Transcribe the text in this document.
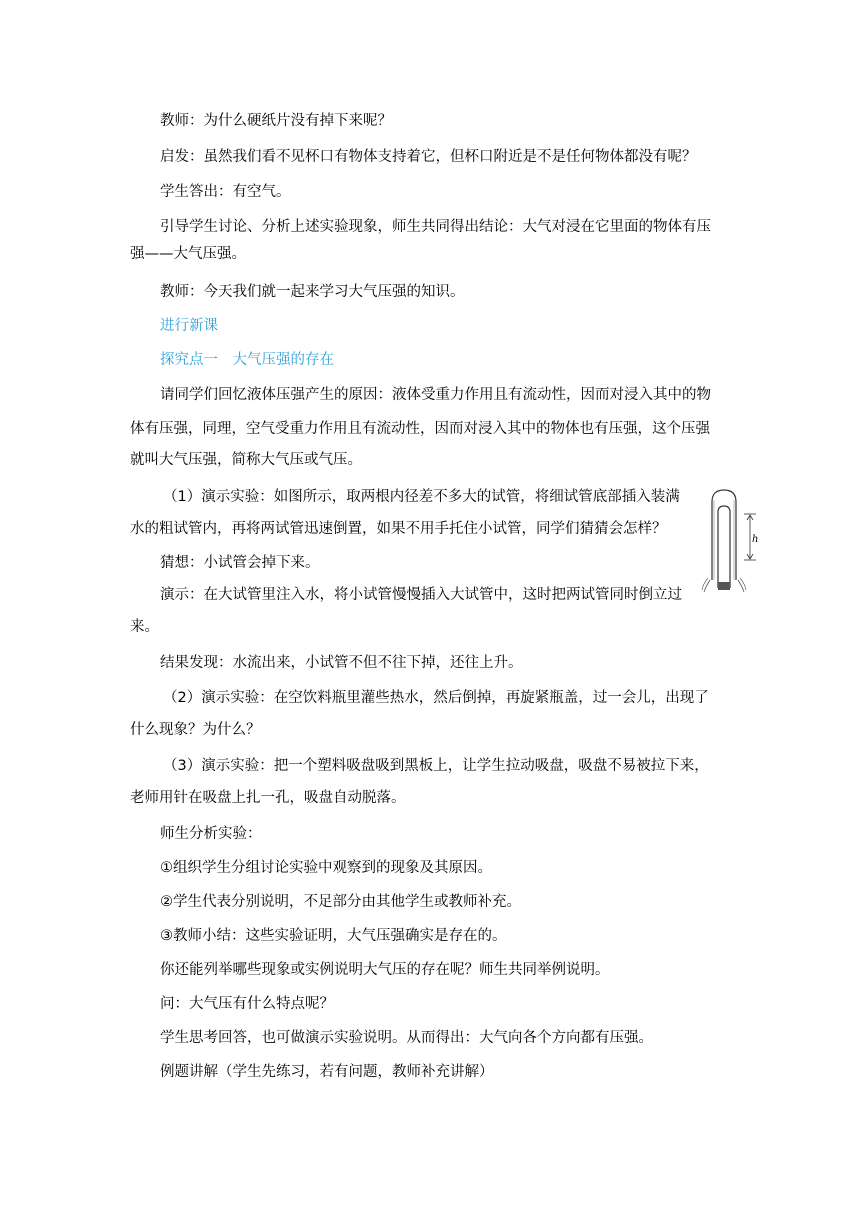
教师：为什么硬纸片没有掉下来呢？
启发：虽然我们看不见杯口有物体支持着它，但杯口附近是不是任何物体都没有呢？
学生答出：有空气。
引导学生讨论、分析上述实验现象，师生共同得出结论：大气对浸在它里面的物体有压
强——大气压强。
教师：今天我们就一起来学习大气压强的知识。
进行新课
探究点一　大气压强的存在
请同学们回忆液体压强产生的原因：液体受重力作用且有流动性，因而对浸入其中的物
体有压强，同理，空气受重力作用且有流动性，因而对浸入其中的物体也有压强，这个压强
就叫大气压强，简称大气压或气压。
（1）演示实验：如图所示，取两根内径差不多大的试管，将细试管底部插入装满
水的粗试管内，再将两试管迅速倒置，如果不用手托住小试管，同学们猜猜会怎样？
猜想：小试管会掉下来。
演示：在大试管里注入水，将小试管慢慢插入大试管中，这时把两试管同时倒立过
来。
结果发现：水流出来，小试管不但不往下掉，还往上升。
（2）演示实验：在空饮料瓶里灌些热水，然后倒掉，再旋紧瓶盖，过一会儿，出现了
什么现象？为什么？
（3）演示实验：把一个塑料吸盘吸到黑板上，让学生拉动吸盘，吸盘不易被拉下来，
老师用针在吸盘上扎一孔，吸盘自动脱落。
师生分析实验：
①组织学生分组讨论实验中观察到的现象及其原因。
②学生代表分别说明，不足部分由其他学生或教师补充。
③教师小结：这些实验证明，大气压强确实是存在的。
你还能列举哪些现象或实例说明大气压的存在呢？师生共同举例说明。
问：大气压有什么特点呢？
学生思考回答，也可做演示实验说明。从而得出：大气向各个方向都有压强。
例题讲解（学生先练习，若有问题，教师补充讲解）
h
